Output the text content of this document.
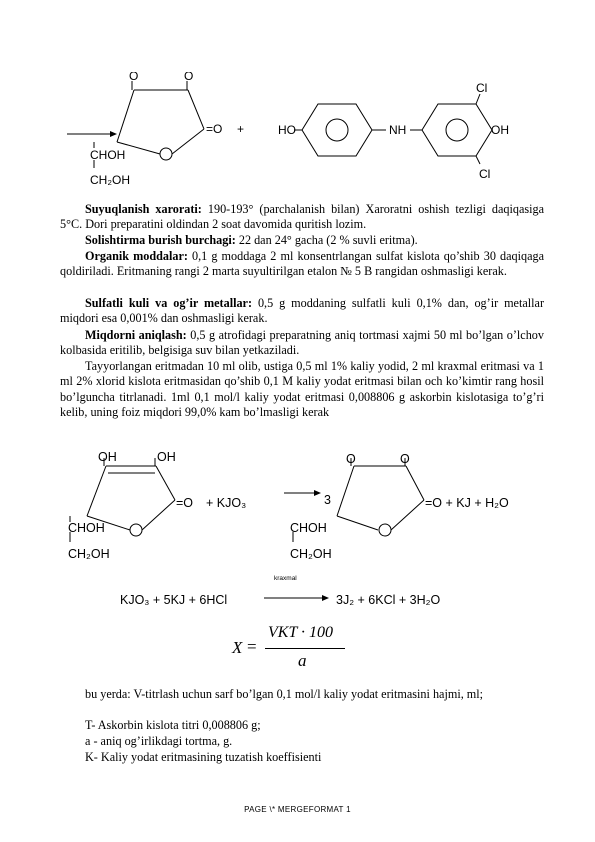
O	O
=O +
CHOH
CH₂OH
HO	NH
Cl
OH
Cl
Suyuqlanish xarorati: 190-193° (parchalanish bilan) Xaroratni oshish tezligi daqiqasiga 5°C. Dori preparatini oldindan 2 soat davomida quritish lozim.
Solishtirma burish burchagi: 22 dan 24° gacha (2 % suvli eritma).
Organik moddalar: 0,1 g moddaga 2 ml konsentrlangan sulfat kislota qo’shib 30 daqiqaga qoldiriladi. Eritmaning rangi 2 marta suyultirilgan etalon № 5 B rangidan oshmasligi kerak.
Sulfatli kuli va og’ir metallar: 0,5 g moddaning sulfatli kuli 0,1% dan, og’ir metallar miqdori esa 0,001% dan oshmasligi kerak.
Miqdorni aniqlash: 0,5 g atrofidagi preparatning aniq tortmasi xajmi 50 ml bo’lgan o’lchov kolbasida eritilib, belgisiga suv bilan yetkaziladi.
Tayyorlangan eritmadan 10 ml olib, ustiga 0,5 ml 1% kaliy yodid, 2 ml kraxmal eritmasi va 1 ml 2% xlorid kislota eritmasidan qo’shib 0,1 M kaliy yodat eritmasi bilan och ko’kimtir rang hosil bo’lguncha titrlanadi. 1ml 0,1 mol/l kaliy yodat eritmasi 0,008806 g askorbin kislotasiga to’g’ri kelib, uning foiz miqdori 99,0% kam bo’lmasligi kerak
OH	OH
=O + KJO₃
CHOH
CH₂OH
3
O	O
=O + KJ + H₂O
CHOH
CH₂OH
kraxmal
KJO₃ + 5KJ + 6HCl	3J₂ + 6KCl + 3H₂O
X =
VKT · 100
a
bu yerda: V-titrlash uchun sarf bo’lgan 0,1 mol/l kaliy yodat eritmasini hajmi, ml;
T- Askorbin kislota titri 0,008806 g;
a - aniq og’irlikdagi tortma, g.
K- Kaliy yodat eritmasining tuzatish koeffisienti
PAGE \* MERGEFORMAT 1
